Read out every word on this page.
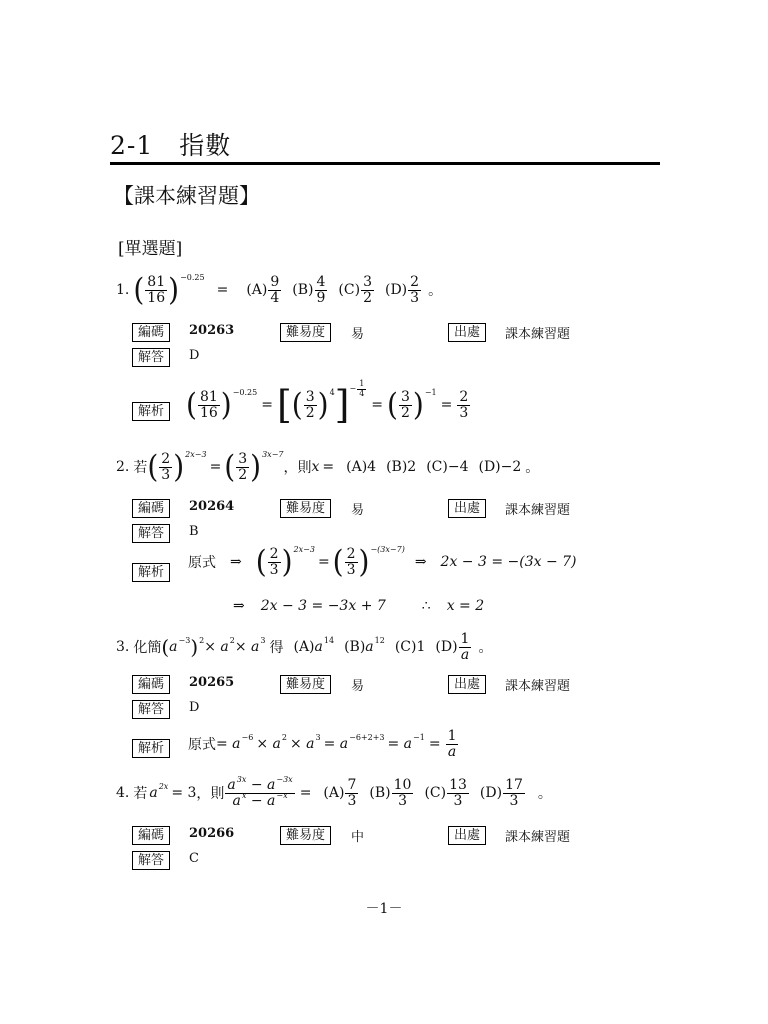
2-1 指數
【課本練習題】
[單選題]
1. ( $\frac{81}{16}$ ) −0.25
= $(A) \frac{9}{4} (B) \frac{4}{9} (C) \frac{3}{2} (D) \frac{2}{3}$ 。
編碼	20263	難易度	易	出處	課本練習題
解答	D
解析 ( $\frac{81}{16}$ ) −0.25
= [ ( $\frac{3}{2}$ ) 4 ] − $\frac{1}{4}$
= ( $\frac{3}{2}$ ) −1
= $\frac{2}{3}$
2. 若 ( $\frac{2}{3}$ ) 2x−3
= ( $\frac{3}{2}$ ) 3x−7
，則 x = (A)4 (B)2 (C)−4 (D)−2 。
編碼	20264	難易度	易	出處	課本練習題
解答	B
解析
原式 ⇒ ( $\frac{2}{3}$ ) 2x−3
= ( $\frac{2}{3}$ ) −(3x−7)
⇒ 2x − 3 = −(3x − 7)
⇒ 2x − 3 = −3x + 7	∴ x = 2
3. 化簡 ( a −3 ) 2 × a 2 × a 3 得 (A) a 14 (B) a 12 (C)1 $(D) \frac{1}{a}$ 。
編碼	20265	難易度	易	出處	課本練習題
解答	D
解析	原式 = a −6 × a 2 × a $3 = a -6+2+3 = a -1 = \frac{1}{a}$
4. 若 a 2x = 3 ，則 $\frac{a^{3x} - a^{-3x}}{a^x - a^{-x}} = (A) \frac{7}{3} (B) \frac{10}{3} (C) \frac{13}{3} (D) \frac{17}{3}$ 。
編碼	20266	難易度	中	出處	課本練習題
解答	C
－1－
